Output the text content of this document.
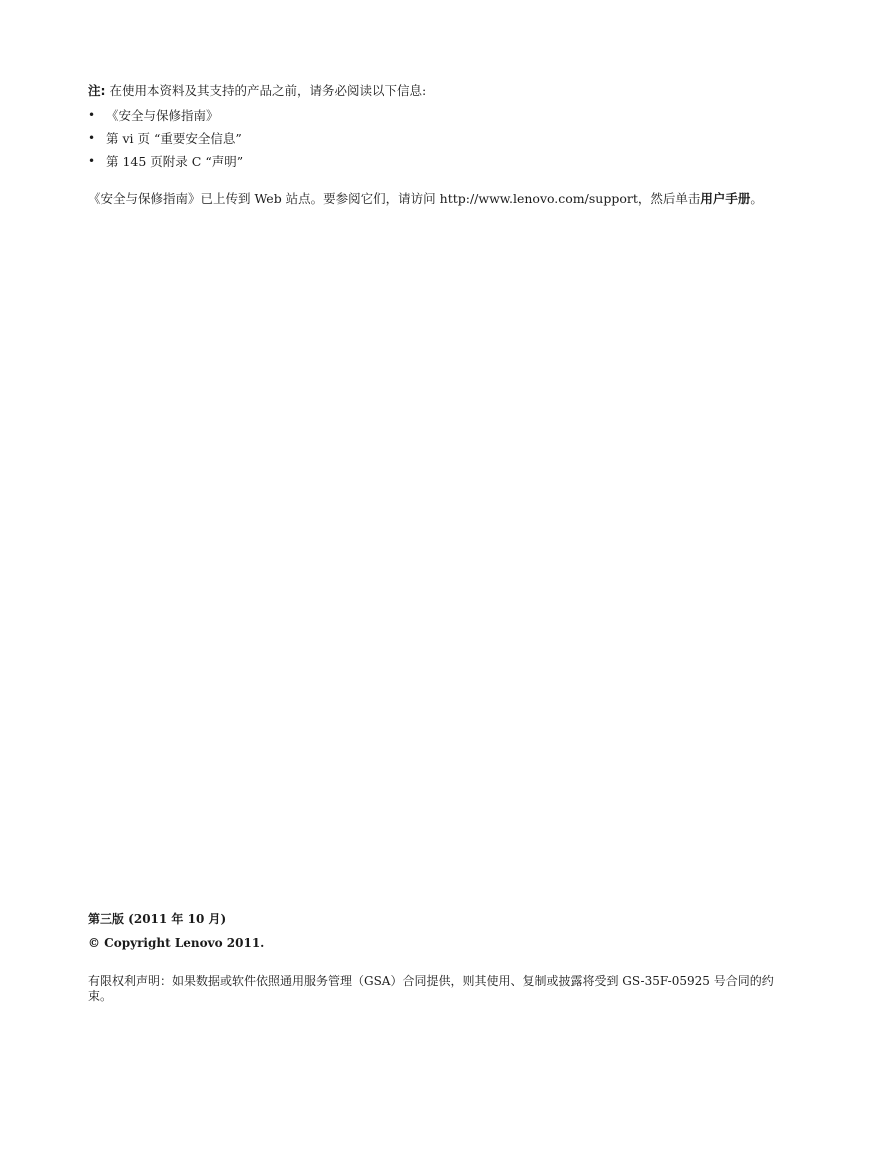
注: 在使用本资料及其支持的产品之前，请务必阅读以下信息:
• 《安全与保修指南》
• 第 vi 页 “重要安全信息”
• 第 145 页附录 C “声明”
《安全与保修指南》已上传到 Web 站点。要参阅它们，请访问 http://www.lenovo.com/support，然后单击用户手册。
第三版 (2011 年 10 月)
© Copyright Lenovo 2011.
有限权利声明：如果数据或软件依照通用服务管理（GSA）合同提供，则其使用、复制或披露将受到 GS-35F-05925 号合同的约束。
